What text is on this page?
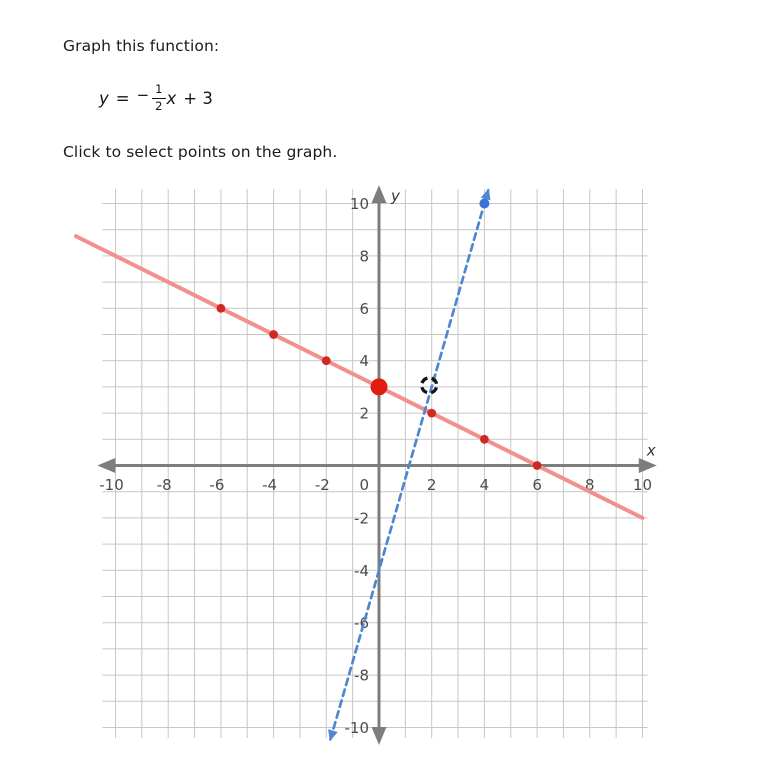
Graph this function:
y = − $\frac{1}{2}$ x + 3
Click to select points on the graph.
-10 -8	-6	-4	-2 0	2	4	6	8	10
10
8
6
4
2
-2
-4
-6
-8
-10
x
y
